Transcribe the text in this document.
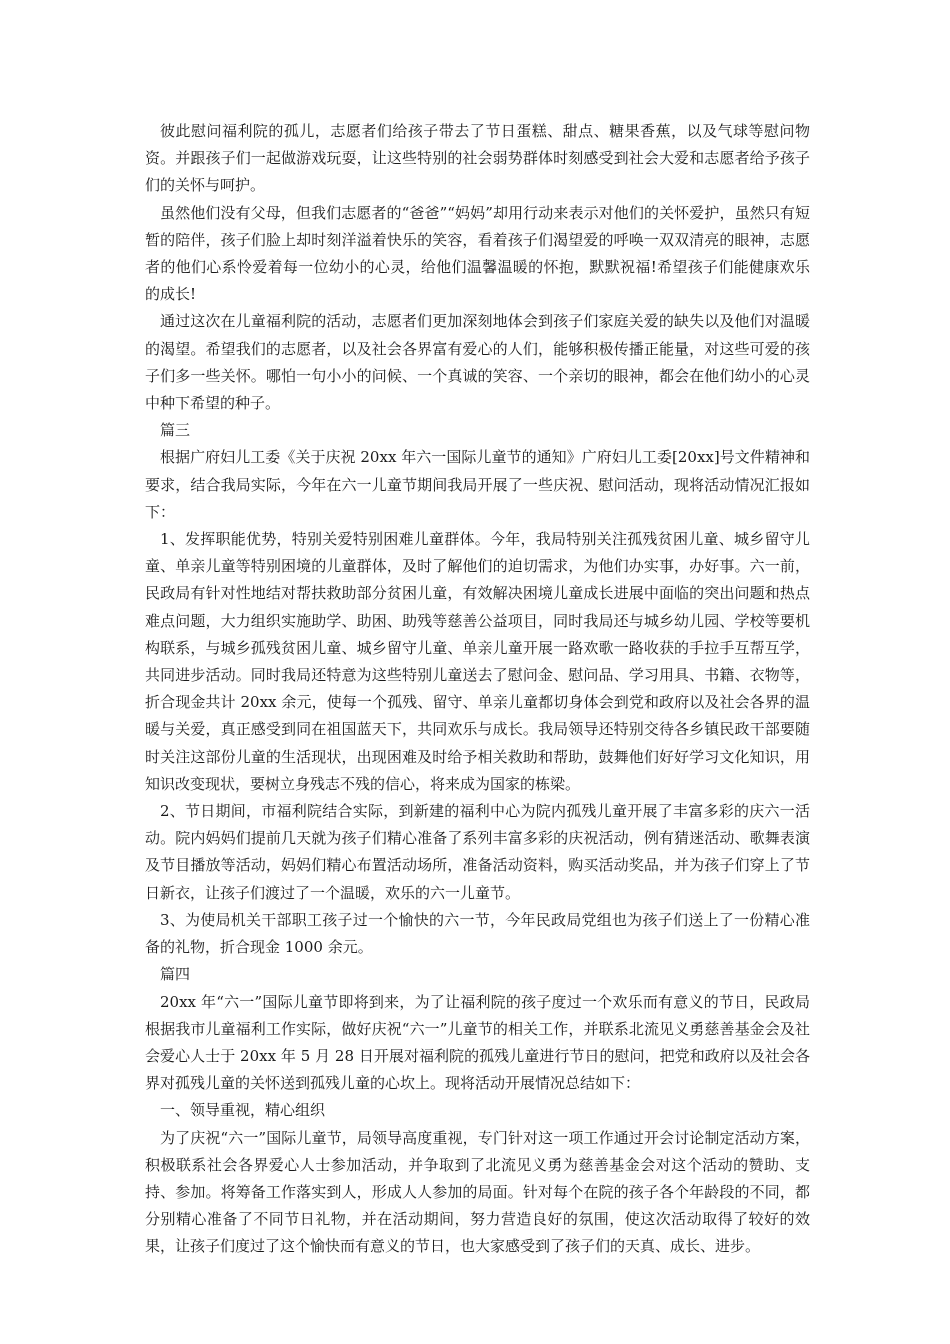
彼此慰问福利院的孤儿，志愿者们给孩子带去了节日蛋糕、甜点、糖果香蕉，以及气球等慰问物资。并跟孩子们一起做游戏玩耍，让这些特别的社会弱势群体时刻感受到社会大爱和志愿者给予孩子们的关怀与呵护。

虽然他们没有父母，但我们志愿者的“爸爸”“妈妈”却用行动来表示对他们的关怀爱护，虽然只有短暂的陪伴，孩子们脸上却时刻洋溢着快乐的笑容，看着孩子们渴望爱的呼唤一双双清亮的眼神，志愿者的他们心系怜爱着每一位幼小的心灵，给他们温馨温暖的怀抱，默默祝福!希望孩子们能健康欢乐的成长!

通过这次在儿童福利院的活动，志愿者们更加深刻地体会到孩子们家庭关爱的缺失以及他们对温暖的渴望。希望我们的志愿者，以及社会各界富有爱心的人们，能够积极传播正能量，对这些可爱的孩子们多一些关怀。哪怕一句小小的问候、一个真诚的笑容、一个亲切的眼神，都会在他们幼小的心灵中种下希望的种子。

篇三

根据广府妇儿工委《关于庆祝 20xx 年六一国际儿童节的通知》广府妇儿工委[20xx]号文件精神和要求，结合我局实际，今年在六一儿童节期间我局开展了一些庆祝、慰问活动，现将活动情况汇报如下：

1、发挥职能优势，特别关爱特别困难儿童群体。今年，我局特别关注孤残贫困儿童、城乡留守儿童、单亲儿童等特别困境的儿童群体，及时了解他们的迫切需求，为他们办实事，办好事。六一前，民政局有针对性地结对帮扶救助部分贫困儿童，有效解决困境儿童成长进展中面临的突出问题和热点难点问题，大力组织实施助学、助困、助残等慈善公益项目，同时我局还与城乡幼儿园、学校等要机构联系，与城乡孤残贫困儿童、城乡留守儿童、单亲儿童开展一路欢歌一路收获的手拉手互帮互学，共同进步活动。同时我局还特意为这些特别儿童送去了慰问金、慰问品、学习用具、书籍、衣物等，折合现金共计 20xx 余元，使每一个孤残、留守、单亲儿童都切身体会到党和政府以及社会各界的温暖与关爱，真正感受到同在祖国蓝天下，共同欢乐与成长。我局领导还特别交待各乡镇民政干部要随时关注这部份儿童的生活现状，出现困难及时给予相关救助和帮助，鼓舞他们好好学习文化知识，用知识改变现状，要树立身残志不残的信心，将来成为国家的栋梁。

2、节日期间，市福利院结合实际，到新建的福利中心为院内孤残儿童开展了丰富多彩的庆六一活动。院内妈妈们提前几天就为孩子们精心准备了系列丰富多彩的庆祝活动，例有猜迷活动、歌舞表演及节目播放等活动，妈妈们精心布置活动场所，准备活动资料，购买活动奖品，并为孩子们穿上了节日新衣，让孩子们渡过了一个温暖，欢乐的六一儿童节。

3、为使局机关干部职工孩子过一个愉快的六一节，今年民政局党组也为孩子们送上了一份精心准备的礼物，折合现金 1000 余元。

篇四

20xx 年“六一”国际儿童节即将到来，为了让福利院的孩子度过一个欢乐而有意义的节日，民政局根据我市儿童福利工作实际，做好庆祝“六一”儿童节的相关工作，并联系北流见义勇慈善基金会及社会爱心人士于 20xx 年 5 月 28 日开展对福利院的孤残儿童进行节日的慰问，把党和政府以及社会各界对孤残儿童的关怀送到孤残儿童的心坎上。现将活动开展情况总结如下：

一、领导重视，精心组织

为了庆祝“六一”国际儿童节，局领导高度重视，专门针对这一项工作通过开会讨论制定活动方案，积极联系社会各界爱心人士参加活动，并争取到了北流见义勇为慈善基金会对这个活动的赞助、支持、参加。将筹备工作落实到人，形成人人参加的局面。针对每个在院的孩子各个年龄段的不同，都分别精心准备了不同节日礼物，并在活动期间，努力营造良好的氛围，使这次活动取得了较好的效果，让孩子们度过了这个愉快而有意义的节日，也大家感受到了孩子们的天真、成长、进步。
